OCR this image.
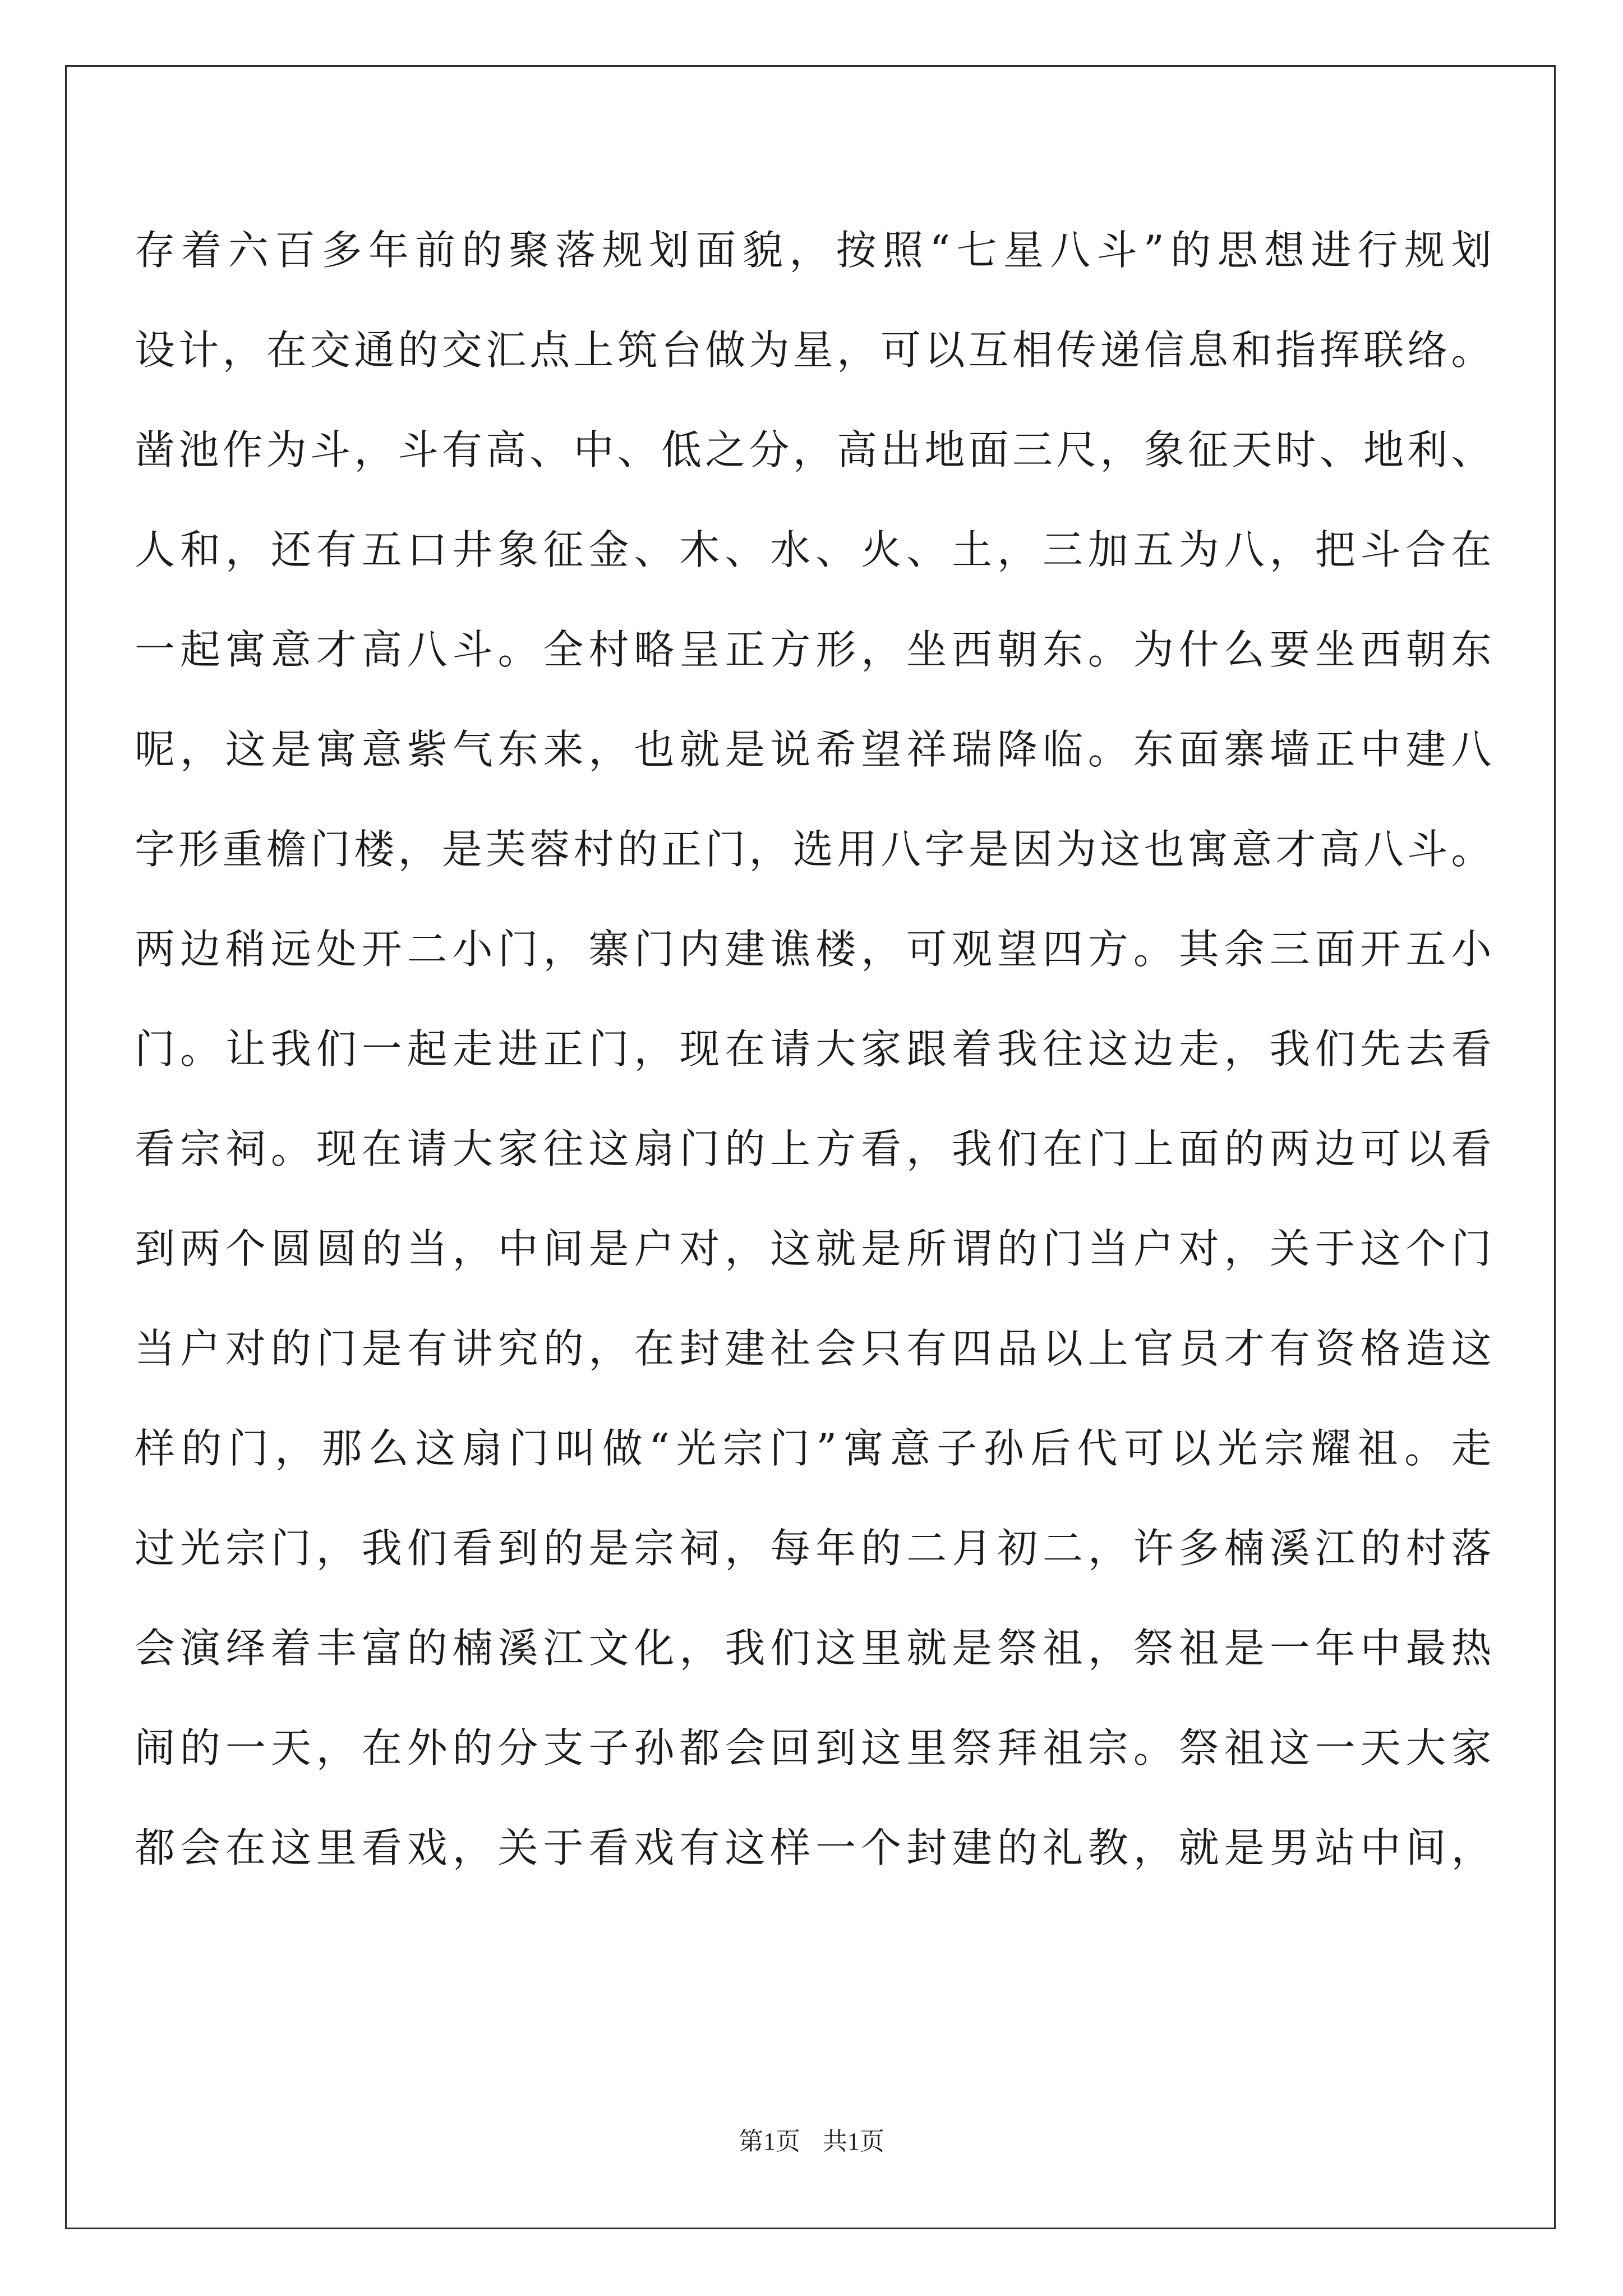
存着六百多年前的聚落规划面貌，按照“七星八斗”的思想进行规划
设计，在交通的交汇点上筑台做为星，可以互相传递信息和指挥联络。
凿池作为斗，斗有高、中、低之分，高出地面三尺，象征天时、地利、
人和，还有五口井象征金、木、水、火、土，三加五为八，把斗合在
一起寓意才高八斗。全村略呈正方形，坐西朝东。为什么要坐西朝东
呢，这是寓意紫气东来，也就是说希望祥瑞降临。东面寨墙正中建八
字形重檐门楼，是芙蓉村的正门，选用八字是因为这也寓意才高八斗。
两边稍远处开二小门，寨门内建谯楼，可观望四方。其余三面开五小
门。让我们一起走进正门，现在请大家跟着我往这边走，我们先去看
看宗祠。现在请大家往这扇门的上方看，我们在门上面的两边可以看
到两个圆圆的当，中间是户对，这就是所谓的门当户对，关于这个门
当户对的门是有讲究的，在封建社会只有四品以上官员才有资格造这
样的门，那么这扇门叫做“光宗门”寓意子孙后代可以光宗耀祖。走
过光宗门，我们看到的是宗祠，每年的二月初二，许多楠溪江的村落
会演绎着丰富的楠溪江文化，我们这里就是祭祖，祭祖是一年中最热
闹的一天，在外的分支子孙都会回到这里祭拜祖宗。祭祖这一天大家
都会在这里看戏，关于看戏有这样一个封建的礼教，就是男站中间，
第1页 共1页
